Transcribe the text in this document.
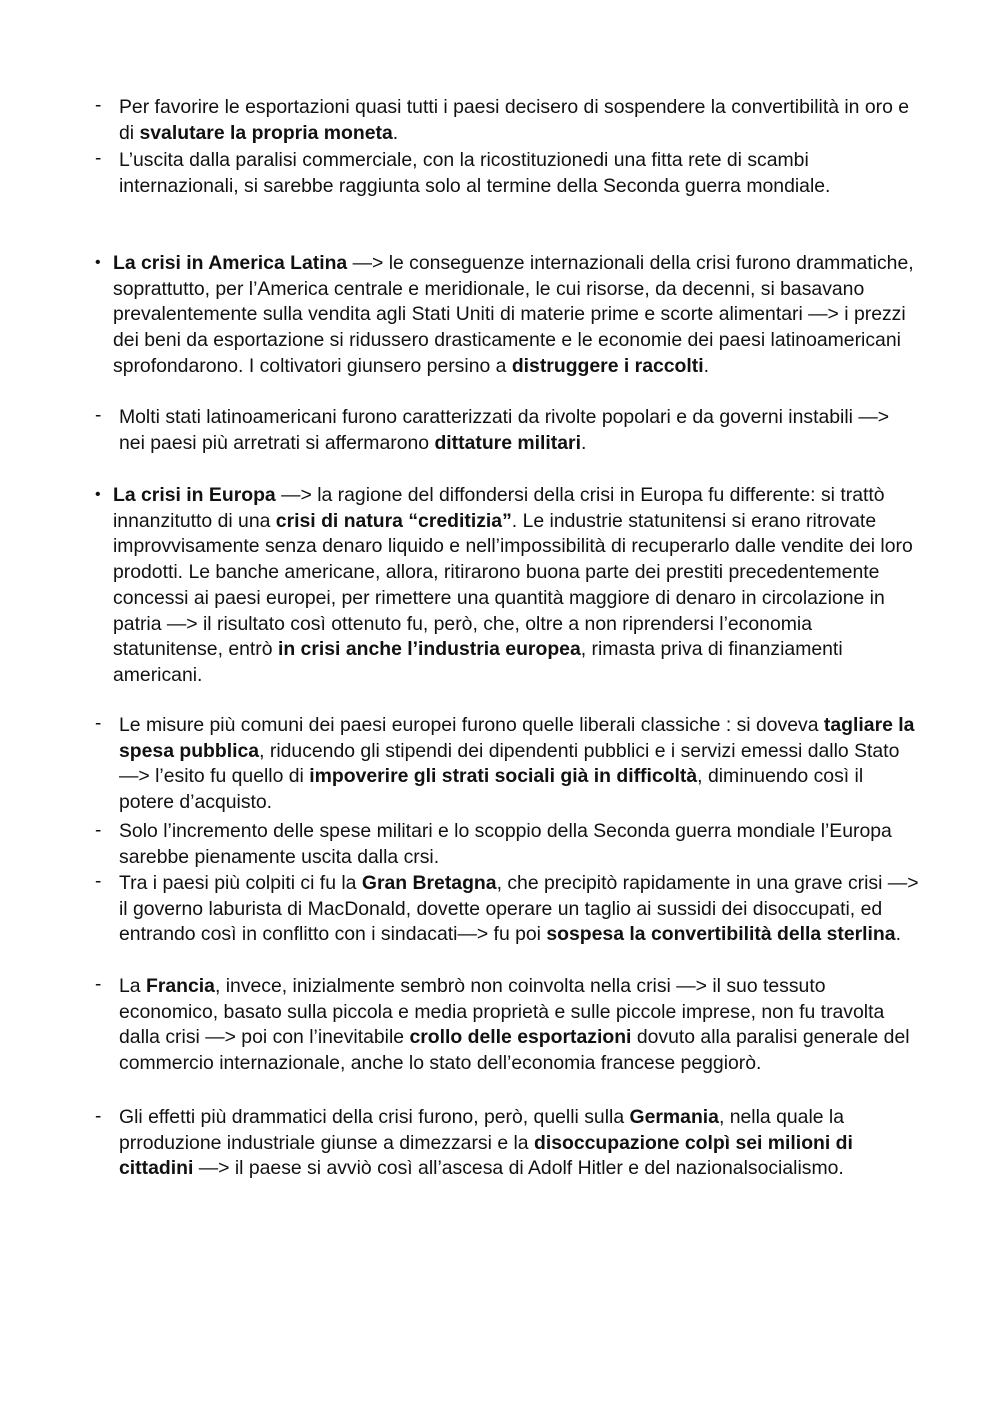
- Per favorire le esportazioni quasi tutti i paesi decisero di sospendere la convertibilità in oro e di svalutare la propria moneta.

- L’uscita dalla paralisi commerciale, con la ricostituzionedi una fitta rete di scambi internazionali, si sarebbe raggiunta solo al termine della Seconda guerra mondiale.

• La crisi in America Latina —> le conseguenze internazionali della crisi furono drammatiche, soprattutto, per l’America centrale e meridionale, le cui risorse, da decenni, si basavano prevalentemente sulla vendita agli Stati Uniti di materie prime e scorte alimentari —> i prezzi dei beni da esportazione si ridussero drasticamente e le economie dei paesi latinoamericani sprofondarono. I coltivatori giunsero persino a distruggere i raccolti.

- Molti stati latinoamericani furono caratterizzati da rivolte popolari e da governi instabili —> nei paesi più arretrati si affermarono dittature militari.

• La crisi in Europa —> la ragione del diffondersi della crisi in Europa fu differente: si trattò innanzitutto di una crisi di natura “creditizia”. Le industrie statunitensi si erano ritrovate improvvisamente senza denaro liquido e nell’impossibilità di recuperarlo dalle vendite dei loro prodotti. Le banche americane, allora, ritirarono buona parte dei prestiti precedentemente concessi ai paesi europei, per rimettere una quantità maggiore di denaro in circolazione in patria —> il risultato così ottenuto fu, però, che, oltre a non riprendersi l’economia statunitense, entrò in crisi anche l’industria europea, rimasta priva di finanziamenti americani.

- Le misure più comuni dei paesi europei furono quelle liberali classiche : si doveva tagliare la spesa pubblica, riducendo gli stipendi dei dipendenti pubblici e i servizi emessi dallo Stato —> l’esito fu quello di impoverire gli strati sociali già in difficoltà, diminuendo così il potere d’acquisto.

- Solo l’incremento delle spese militari e lo scoppio della Seconda guerra mondiale l’Europa sarebbe pienamente uscita dalla crsi.

- Tra i paesi più colpiti ci fu la Gran Bretagna, che precipitò rapidamente in una grave crisi —> il governo laburista di MacDonald, dovette operare un taglio ai sussidi dei disoccupati, ed entrando così in conflitto con i sindacati—> fu poi sospesa la convertibilità della sterlina.

- La Francia, invece, inizialmente sembrò non coinvolta nella crisi —> il suo tessuto economico, basato sulla piccola e media proprietà e sulle piccole imprese, non fu travolta dalla crisi —> poi con l’inevitabile crollo delle esportazioni dovuto alla paralisi generale del commercio internazionale, anche lo stato dell’economia francese peggiorò.

- Gli effetti più drammatici della crisi furono, però, quelli sulla Germania, nella quale la prroduzione industriale giunse a dimezzarsi e la disoccupazione colpì sei milioni di cittadini —> il paese si avviò così all’ascesa di Adolf Hitler e del nazionalsocialismo.
